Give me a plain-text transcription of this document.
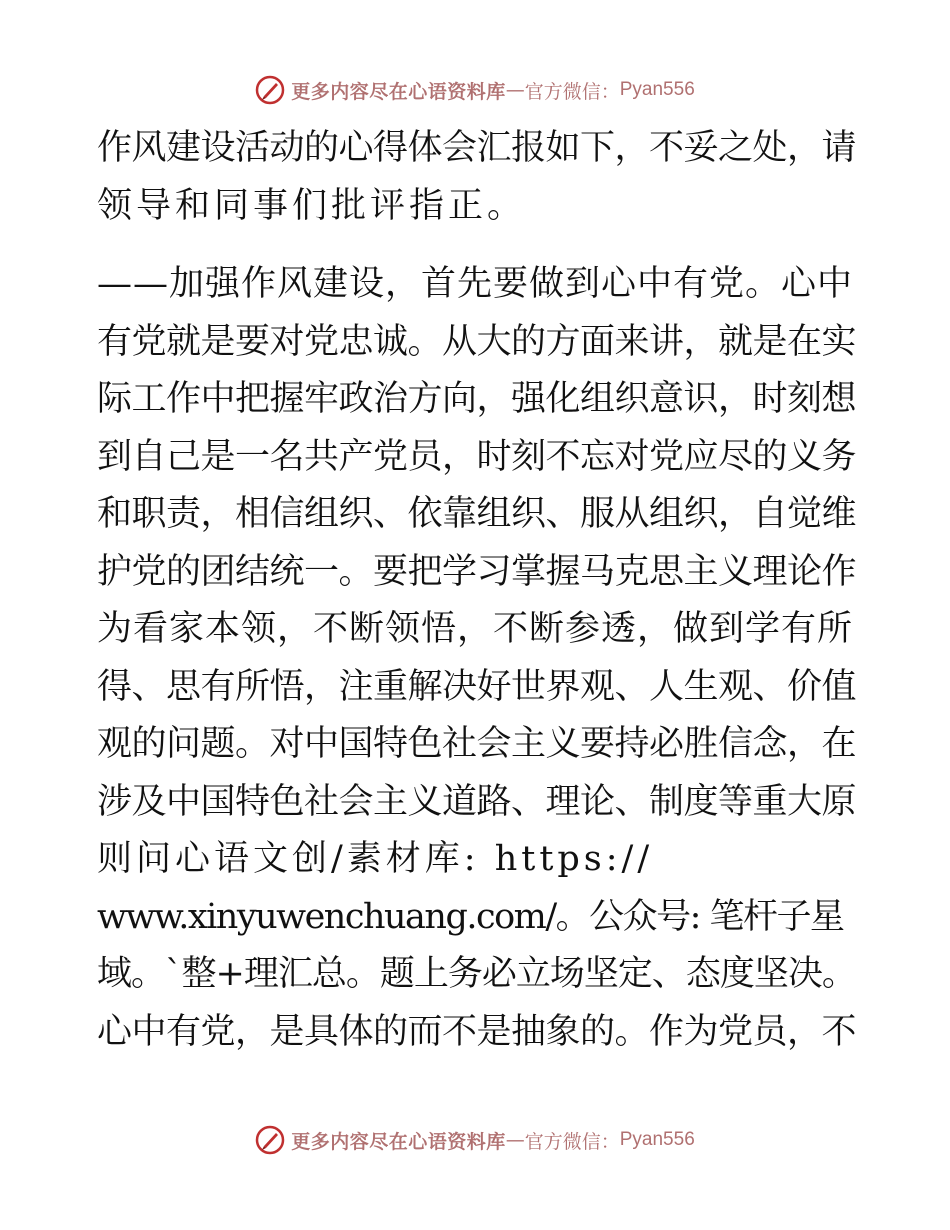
更多内容尽在心语资料库 — 官方微信： Pyan556
作风建设活动的心得体会汇报如下，不妥之处，请
领导和同事们批评指正。
——加强作风建设，首先要做到心中有党。心中
有党就是要对党忠诚。从大的方面来讲，就是在实
际工作中把握牢政治方向，强化组织意识，时刻想
到自己是一名共产党员，时刻不忘对党应尽的义务
和职责，相信组织、依靠组织、服从组织，自觉维
护党的团结统一。要把学习掌握马克思主义理论作
为看家本领，不断领悟，不断参透，做到学有所
得、思有所悟，注重解决好世界观、人生观、价值
观的问题。对中国特色社会主义要持必胜信念，在
涉及中国特色社会主义道路、理论、制度等重大原
则问心语文创/素材库: https://
www.xinyuwenchuang.com/。公众号: 笔杆子星
域。`整+理汇总。题上务必立场坚定、态度坚决。
心中有党，是具体的而不是抽象的。作为党员，不
更多内容尽在心语资料库 — 官方微信： Pyan556
